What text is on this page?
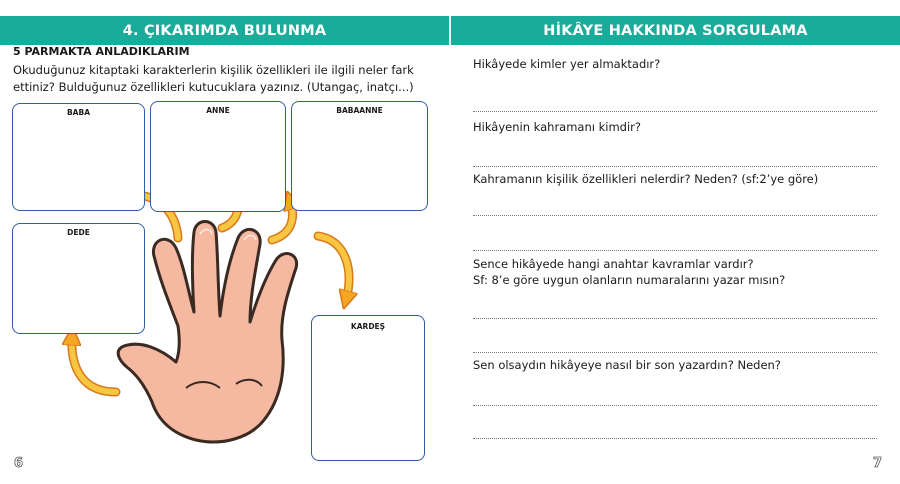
4. ÇIKARIMDA BULUNMA	HİKÂYE HAKKINDA SORGULAMA
5 PARMAKTA ANLADIKLARIM
Okuduğunuz kitaptaki karakterlerin kişilik özellikleri ile ilgili neler fark ettiniz? Bulduğunuz özellikleri kutucuklara yazınız. (Utangaç, inatçı...)
BABA	ANNE	BABAANNE
DEDE
KARDEŞ
6	7
Hikâyede kimler yer almaktadır?
Hikâyenin kahramanı kimdir?
Kahramanın kişilik özellikleri nelerdir? Neden? (sf:2’ye göre)
Sence hikâyede hangi anahtar kavramlar vardır?
Sf: 8’e göre uygun olanların numaralarını yazar mısın?
Sen olsaydın hikâyeye nasıl bir son yazardın? Neden?
